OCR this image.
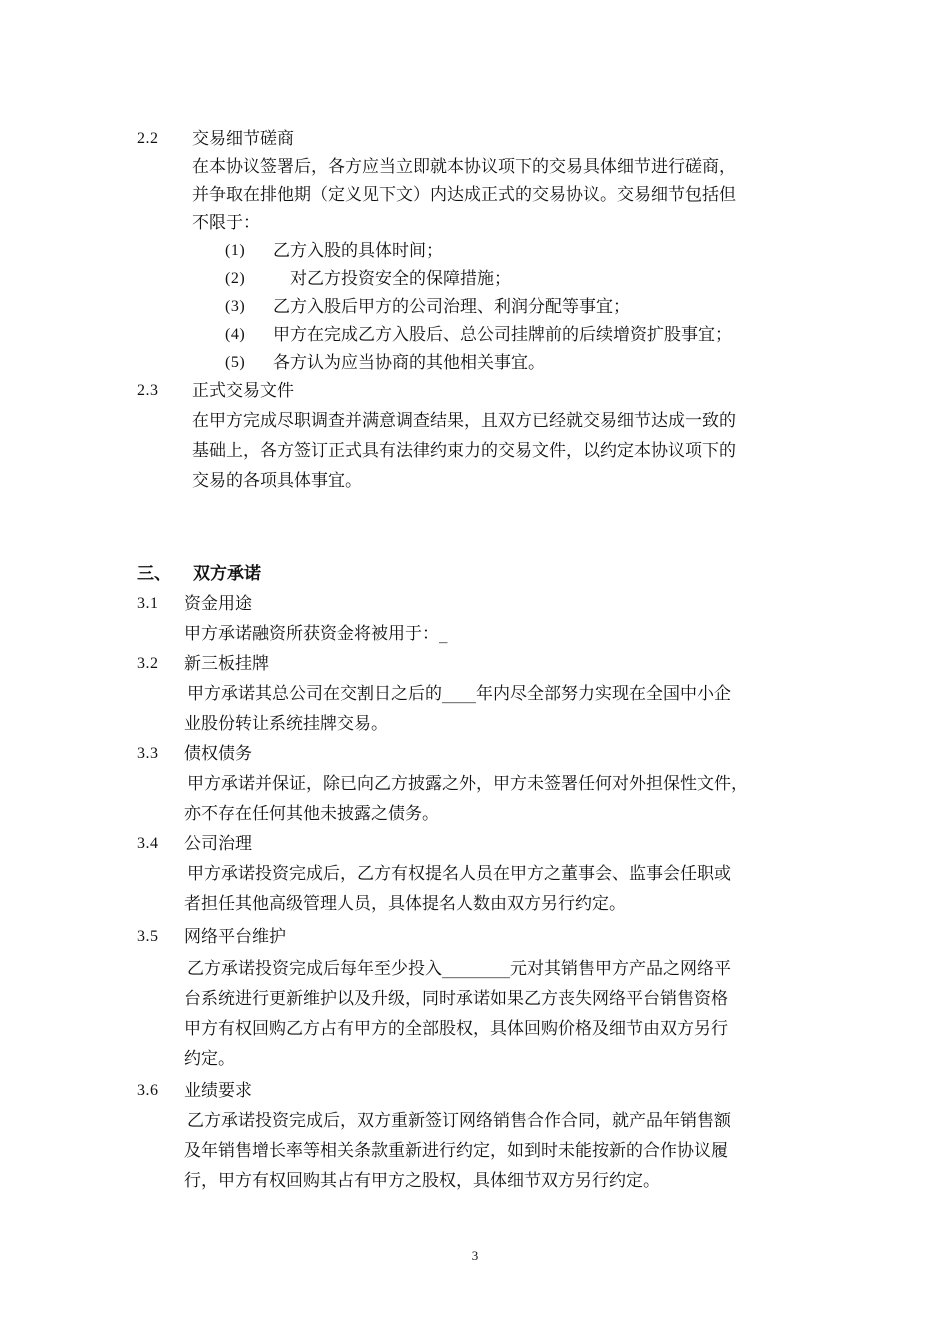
2.2 交易细节磋商
在本协议签署后，各方应当立即就本协议项下的交易具体细节进行磋商，
并争取在排他期（定义见下文）内达成正式的交易协议。交易细节包括但
不限于：
(1) 乙方入股的具体时间；
(2)	对乙方投资安全的保障措施；
(3) 乙方入股后甲方的公司治理、利润分配等事宜；
(4) 甲方在完成乙方入股后、总公司挂牌前的后续增资扩股事宜；
(5) 各方认为应当协商的其他相关事宜。
2.3 正式交易文件
在甲方完成尽职调查并满意调查结果，且双方已经就交易细节达成一致的
基础上，各方签订正式具有法律约束力的交易文件，以约定本协议项下的
交易的各项具体事宜。
三、 双方承诺
3.1 资金用途
甲方承诺融资所获资金将被用于：_
3.2 新三板挂牌
甲方承诺其总公司在交割日之后的____年内尽全部努力实现在全国中小企
业股份转让系统挂牌交易。
3.3 债权债务
甲方承诺并保证，除已向乙方披露之外，甲方未签署任何对外担保性文件，
亦不存在任何其他未披露之债务。
3.4 公司治理
甲方承诺投资完成后，乙方有权提名人员在甲方之董事会、监事会任职或
者担任其他高级管理人员，具体提名人数由双方另行约定。
3.5 网络平台维护
乙方承诺投资完成后每年至少投入________元对其销售甲方产品之网络平
台系统进行更新维护以及升级，同时承诺如果乙方丧失网络平台销售资格
甲方有权回购乙方占有甲方的全部股权，具体回购价格及细节由双方另行
约定。
3.6 业绩要求
乙方承诺投资完成后，双方重新签订网络销售合作合同，就产品年销售额
及年销售增长率等相关条款重新进行约定，如到时未能按新的合作协议履
行，甲方有权回购其占有甲方之股权，具体细节双方另行约定。
3
